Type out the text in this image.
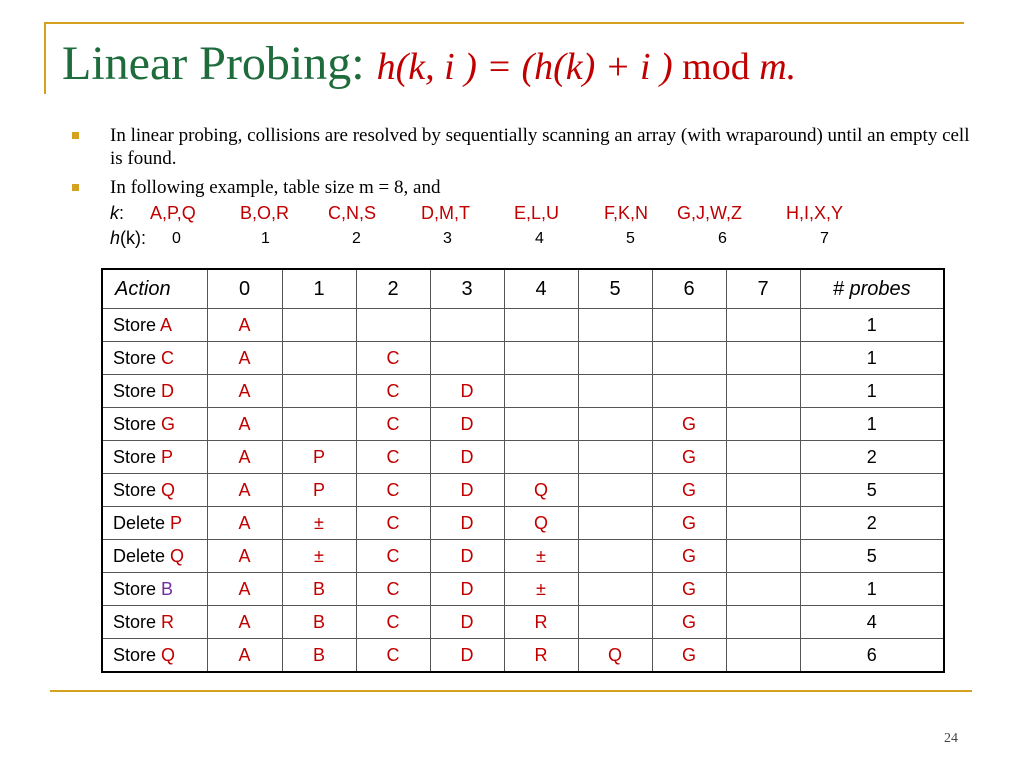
Linear Probing: h(k, i ) = (h(k) + i ) mod m.
In linear probing, collisions are resolved by sequentially scanning an array (with wraparound) until an empty cell is found.
In following example, table size m = 8, and
k:
h(k):
A,P,Q B,O,R C,N,S D,M,T E,L,U F,K,N G,J,W,Z H,I,X,Y
0	1	2	3	4	5	6	7
Action	0	1	2	3	4	5	6	7	# probes
Store A	A								1
Store C	A		C						1
Store D	A		C	D					1
Store G	A		C	D			G		1
Store P	A	P	C	D			G		2
Store Q	A	P	C	D	Q		G		5
Delete P	A	±	C	D	Q		G		2
Delete Q	A	±	C	D	±		G		5
Store B	A	B	C	D	±		G		1
Store R	A	B	C	D	R		G		4
Store Q	A	B	C	D	R	Q	G		6
24
